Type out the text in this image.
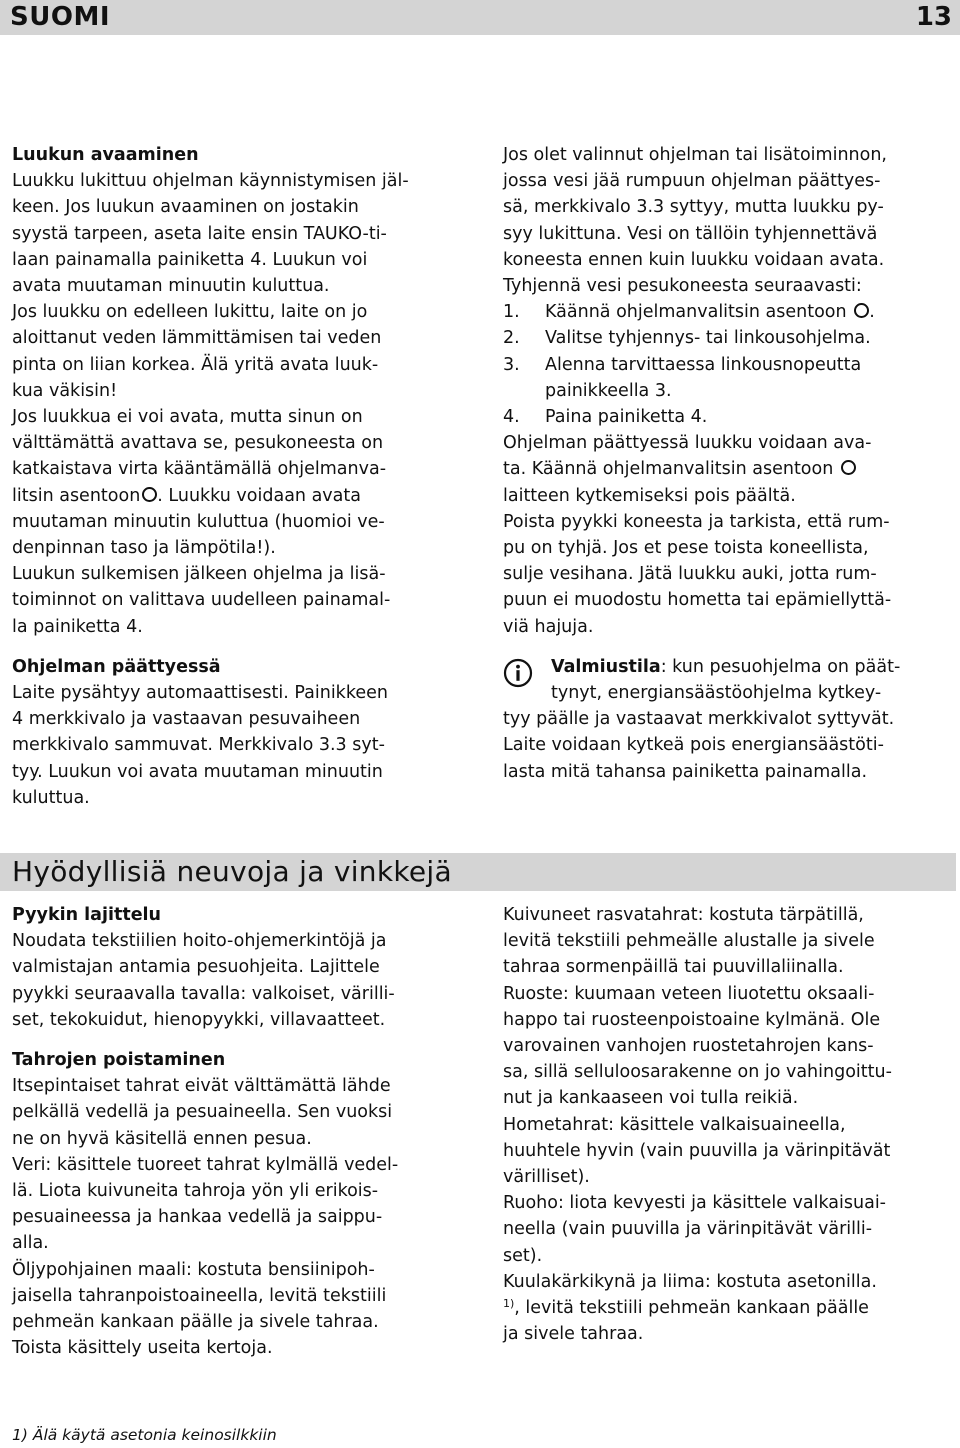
SUOMI	13

Luukun avaaminen

Luukku lukittuu ohjelman käynnistymisen jäl-
keen. Jos luukun avaaminen on jostakin
syystä tarpeen, aseta laite ensin TAUKO-ti-
laan painamalla painiketta 4. Luukun voi
avata muutaman minuutin kuluttua.

Jos luukku on edelleen lukittu, laite on jo
aloittanut veden lämmittämisen tai veden
pinta on liian korkea. Älä yritä avata luuk-
kua väkisin!

Jos luukkua ei voi avata, mutta sinun on
välttämättä avattava se, pesukoneesta on
katkaistava virta kääntämällä ohjelmanva-
litsin asentoon . Luukku voidaan avata
muutaman minuutin kuluttua (huomioi ve-
denpinnan taso ja lämpötila!).

Luukun sulkemisen jälkeen ohjelma ja lisä-
toiminnot on valittava uudelleen painamal-
la painiketta 4.

Ohjelman päättyessä

Laite pysähtyy automaattisesti. Painikkeen
4 merkkivalo ja vastaavan pesuvaiheen
merkkivalo sammuvat. Merkkivalo 3.3 syt-
tyy. Luukun voi avata muutaman minuutin
kuluttua.

Jos olet valinnut ohjelman tai lisätoiminnon,
jossa vesi jää rumpuun ohjelman päättyes-
sä, merkkivalo 3.3 syttyy, mutta luukku py-
syy lukittuna. Vesi on tällöin tyhjennettävä
koneesta ennen kuin luukku voidaan avata.
Tyhjennä vesi pesukoneesta seuraavasti:

1.	Käännä ohjelmanvalitsin asentoon .
2.	Valitse tyhjennys- tai linkousohjelma.
3.	Alenna tarvittaessa linkousnopeutta
painikkeella 3.
4.	Paina painiketta 4.

Ohjelman päättyessä luukku voidaan ava-
ta. Käännä ohjelmanvalitsin asentoon

laitteen kytkemiseksi pois päältä.

Poista pyykki koneesta ja tarkista, että rum-
pu on tyhjä. Jos et pese toista koneellista,
sulje vesihana. Jätä luukku auki, jotta rum-
puun ei muodostu hometta tai epämiellyttä-
viä hajuja.

Valmiustila: kun pesuohjelma on päät-
tynyt, energiansäästöohjelma kytkey-

tyy päälle ja vastaavat merkkivalot syttyvät.
Laite voidaan kytkeä pois energiansäästöti-
lasta mitä tahansa painiketta painamalla.

Hyödyllisiä neuvoja ja vinkkejä

Pyykin lajittelu

Noudata tekstiilien hoito-ohjemerkintöjä ja
valmistajan antamia pesuohjeita. Lajittele
pyykki seuraavalla tavalla: valkoiset, värilli-
set, tekokuidut, hienopyykki, villavaatteet.

Tahrojen poistaminen

Itsepintaiset tahrat eivät välttämättä lähde
pelkällä vedellä ja pesuaineella. Sen vuoksi
ne on hyvä käsitellä ennen pesua.

Veri: käsittele tuoreet tahrat kylmällä vedel-
lä. Liota kuivuneita tahroja yön yli erikois-
pesuaineessa ja hankaa vedellä ja saippu-
alla.

Öljypohjainen maali: kostuta bensiinipoh-
jaisella tahranpoistoaineella, levitä tekstiili
pehmeän kankaan päälle ja sivele tahraa.
Toista käsittely useita kertoja.

Kuivuneet rasvatahrat: kostuta tärpätillä,
levitä tekstiili pehmeälle alustalle ja sivele
tahraa sormenpäillä tai puuvillaliinalla.

Ruoste: kuumaan veteen liuotettu oksaali-
happo tai ruosteenpoistoaine kylmänä. Ole
varovainen vanhojen ruostetahrojen kans-
sa, sillä selluloosarakenne on jo vahingoittu-
nut ja kankaaseen voi tulla reikiä.

Hometahrat: käsittele valkaisuaineella,
huuhtele hyvin (vain puuvilla ja värinpitävät
värilliset).

Ruoho: liota kevyesti ja käsittele valkaisuai-
neella (vain puuvilla ja värinpitävät värilli-
set).

Kuulakärkikynä ja liima: kostuta asetonilla.

$^{1)}$, levitä tekstiili pehmeän kankaan päälle
ja sivele tahraa.

1) Älä käytä asetonia keinosilkkiin
